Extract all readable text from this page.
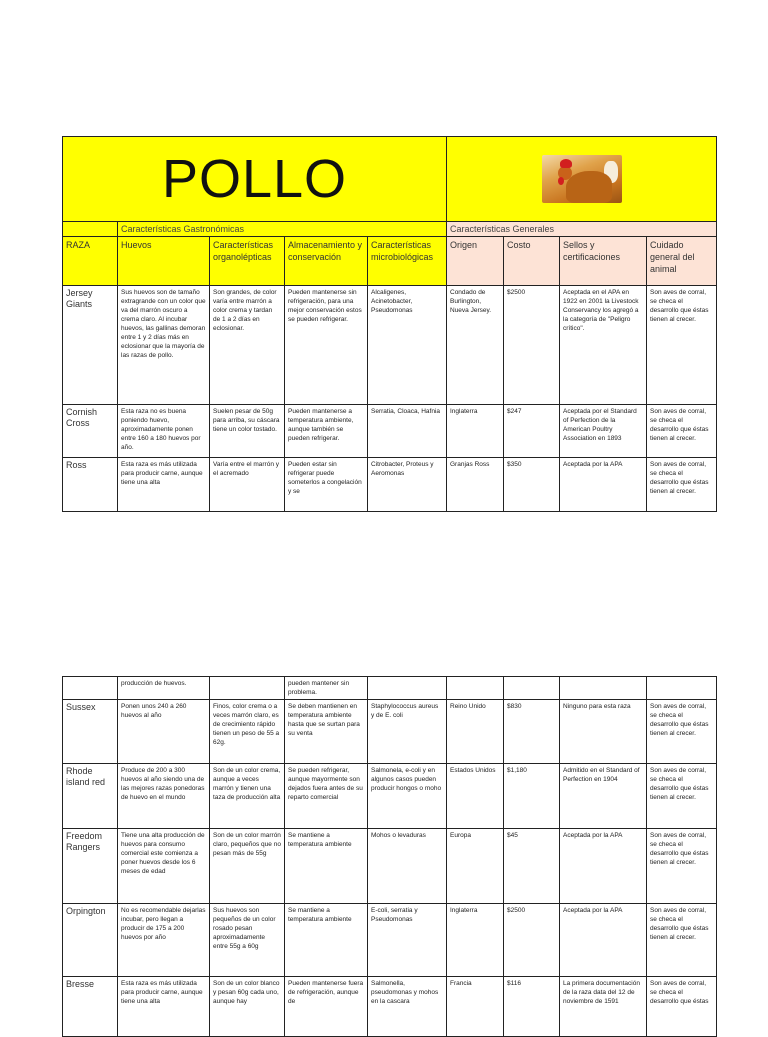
POLLO								

	Características Gastronómicas				Características Generales			
RAZA	Huevos	Características organolépticas	Almacenamiento y conservación	Características microbiológicas	Origen	Costo	Sellos y certificaciones	Cuidado general del animal
Jersey Giants	Sus huevos son de tamaño extragrande con un color que va del marrón oscuro a crema claro. Al incubar huevos, las gallinas demoran entre 1 y 2 días más en eclosionar que la mayoría de las razas de pollo.	Son grandes, de color varía entre marrón a color crema y tardan de 1 a 2 días en eclosionar.	Pueden mantenerse sin refrigeración, para una mejor conservación estos se pueden refrigerar.	Alcaligenes, Acinetobacter, Pseudomonas	Condado de Burlington, Nueva Jersey.	$2500	Aceptada en el APA en 1922 en 2001 la Livestock Conservancy los agregó a la categoría de "Peligro crítico".	Son aves de corral, se checa el desarrollo que éstas tienen al crecer.
Cornish Cross	Esta raza no es buena poniendo huevo, aproximadamente ponen entre 160 a 180 huevos por año.	Suelen pesar de 50g para arriba, su cáscara tiene un color tostado.	Pueden mantenerse a temperatura ambiente, aunque también se pueden refrigerar.	Serratia, Cloaca, Hafnia	Inglaterra	$247	Aceptada por el Standard of Perfection de la American Poultry Association en 1893	Son aves de corral, se checa el desarrollo que éstas tienen al crecer.
Ross	Esta raza es más utilizada para producir carne, aunque tiene una alta	Varía entre el marrón y el acremado	Pueden estar sin refrigerar puede someterlos a congelación y se	Citrobacter, Proteus y Aeromonas	Granjas Ross	$350	Aceptada por la APA	Son aves de corral, se checa el desarrollo que éstas tienen al crecer.
	producción de huevos.		pueden mantener sin problema.					
Sussex	Ponen unos 240 a 260 huevos al año	Finos, color crema o a veces marrón claro, es de crecimiento rápido tienen un peso de 55 a 62g.	Se deben mantienen en temperatura ambiente hasta que se surtan para su venta	Staphylococcus aureus y de E. coli	Reino Unido	$830	Ninguno para esta raza	Son aves de corral, se checa el desarrollo que éstas tienen al crecer.
Rhode island red	Produce de 200 a 300 huevos al año siendo una de las mejores razas ponedoras de huevo en el mundo	Son de un color crema, aunque a veces marrón y tienen una taza de producción alta	Se pueden refrigerar, aunque mayormente son dejados fuera antes de su reparto comercial	Salmonela, e-coli y en algunos casos pueden producir hongos o moho	Estados Unidos	$1,180	Admitido en el Standard of Perfection en 1904	Son aves de corral, se checa el desarrollo que éstas tienen al crecer.
Freedom Rangers	Tiene una alta producción de huevos para consumo comercial este comienza a poner huevos desde los 6 meses de edad	Son de un color marrón claro, pequeños que no pesan más de 55g	Se mantiene a temperatura ambiente	Mohos o levaduras	Europa	$45	Aceptada por la APA	Son aves de corral, se checa el desarrollo que éstas tienen al crecer.
Orpington	No es recomendable dejarlas incubar, pero llegan a producir de 175 a 200 huevos por año	Sus huevos son pequeños de un color rosado pesan aproximadamente entre 55g a 60g	Se mantiene a temperatura ambiente	E-coli, serratia y Pseudomonas	Inglaterra	$2500	Aceptada por la APA	Son aves de corral, se checa el desarrollo que éstas tienen al crecer.
Bresse	Esta raza es más utilizada para producir carne, aunque tiene una alta	Son de un color blanco y pesan 60g cada uno, aunque hay	Pueden mantenerse fuera de refrigeración, aunque de	Salmonella, pseudomonas y mohos en la cascara	Francia	$116	La primera documentación de la raza data del 12 de noviembre de 1591	Son aves de corral, se checa el desarrollo que éstas
